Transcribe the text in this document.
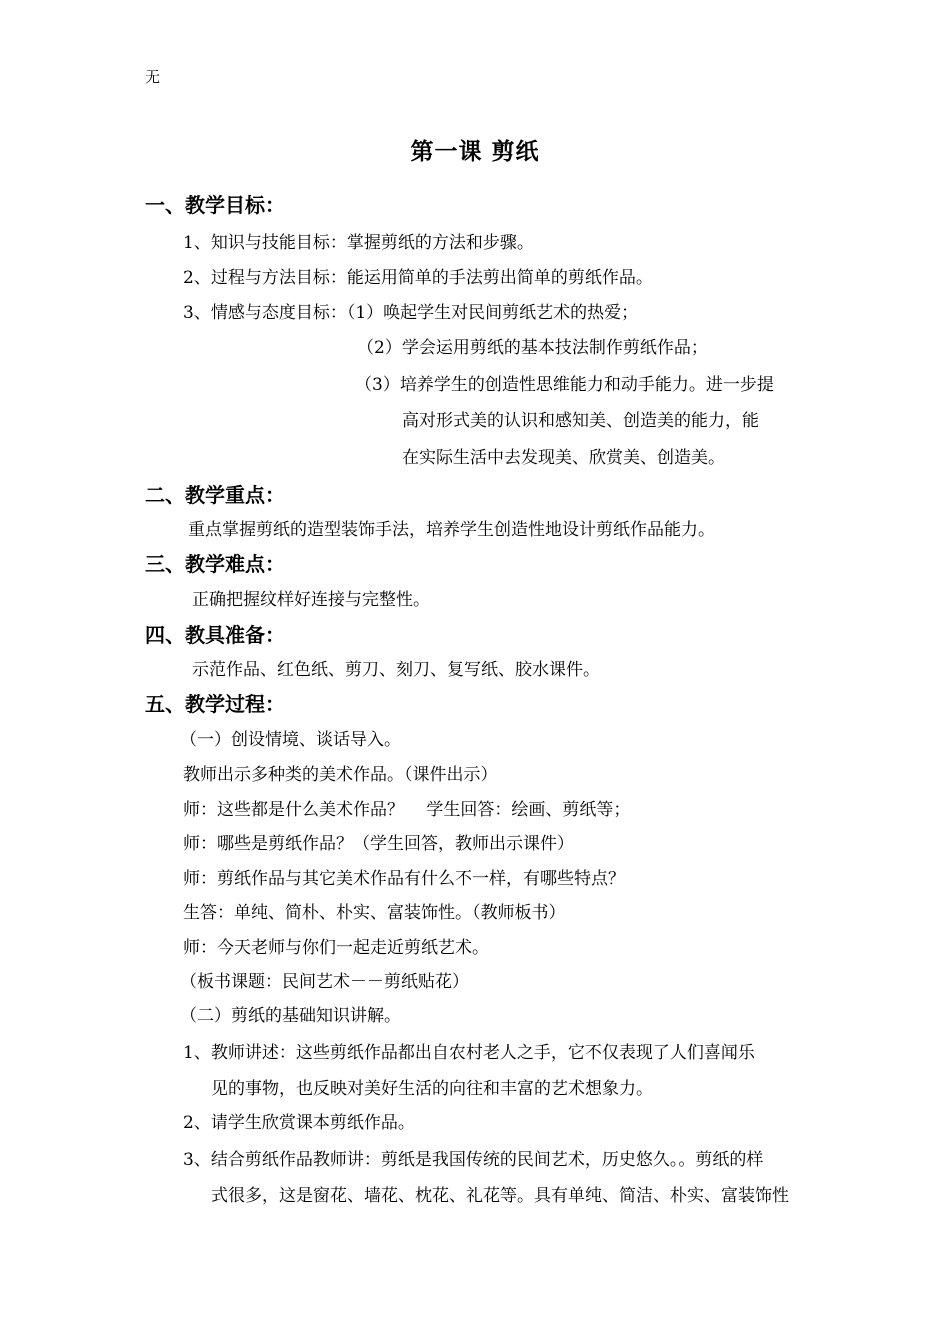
无
第一课 剪纸
一、教学目标：
1、知识与技能目标：掌握剪纸的方法和步骤。
2、过程与方法目标：能运用简单的手法剪出简单的剪纸作品。
3、情感与态度目标：（1）唤起学生对民间剪纸艺术的热爱；
（2）学会运用剪纸的基本技法制作剪纸作品；
（3）培养学生的创造性思维能力和动手能力。进一步提
高对形式美的认识和感知美、创造美的能力，能
在实际生活中去发现美、欣赏美、创造美。
二、教学重点：
重点掌握剪纸的造型装饰手法，培养学生创造性地设计剪纸作品能力。
三、教学难点：
正确把握纹样好连接与完整性。
四、教具准备：
示范作品、红色纸、剪刀、刻刀、复写纸、胶水课件。
五、教学过程：
（一）创设情境、谈话导入。
教师出示多种类的美术作品。（课件出示）
师：这些都是什么美术作品？　 学生回答：绘画、剪纸等；
师：哪些是剪纸作品？（学生回答，教师出示课件）
师：剪纸作品与其它美术作品有什么不一样，有哪些特点？
生答：单纯、简朴、朴实、富装饰性。（教师板书）
师：今天老师与你们一起走近剪纸艺术。
（板书课题：民间艺术－－剪纸贴花）
（二）剪纸的基础知识讲解。
1、教师讲述：这些剪纸作品都出自农村老人之手，它不仅表现了人们喜闻乐
见的事物，也反映对美好生活的向往和丰富的艺术想象力。
2、请学生欣赏课本剪纸作品。
3、结合剪纸作品教师讲：剪纸是我国传统的民间艺术，历史悠久。。剪纸的样
式很多，这是窗花、墙花、枕花、礼花等。具有单纯、简洁、朴实、富装饰性
